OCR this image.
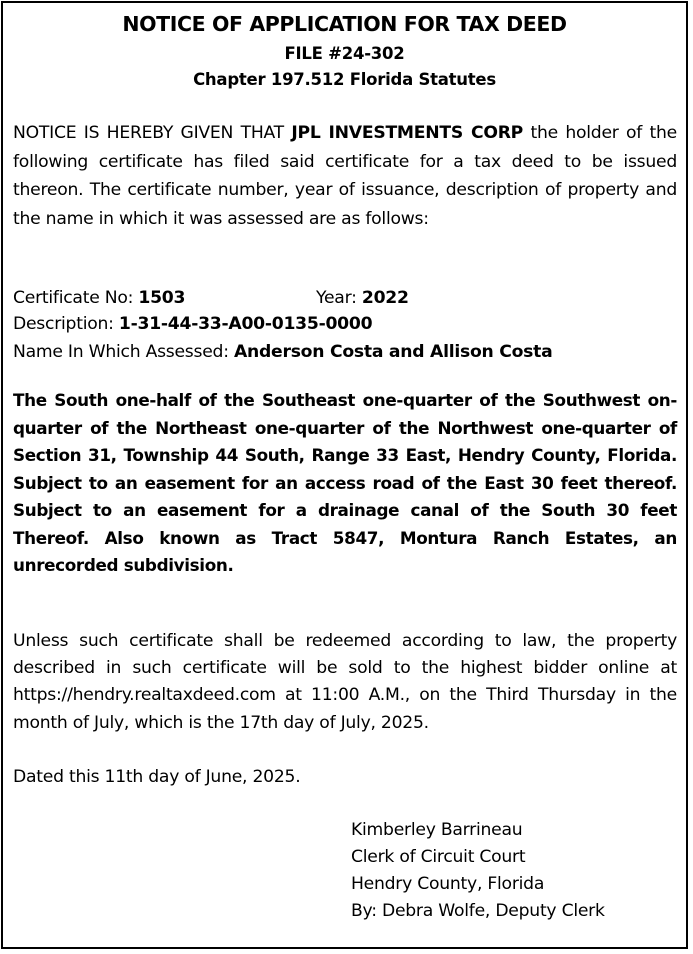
NOTICE OF APPLICATION FOR TAX DEED
FILE #24-302
Chapter 197.512 Florida Statutes
NOTICE IS HEREBY GIVEN THAT JPL INVESTMENTS CORP the holder of the following certificate has filed said certificate for a tax deed to be issued thereon. The certificate number, year of issuance, description of property and the name in which it was assessed are as follows:
Certificate No: 1503	Year: 2022
Description: 1-31-44-33-A00-0135-0000
Name In Which Assessed: Anderson Costa and Allison Costa
The South one-half of the Southeast one-quarter of the Southwest on-quarter of the Northeast one-quarter of the Northwest one-quarter of Section 31, Township 44 South, Range 33 East, Hendry County, Florida. Subject to an easement for an access road of the East 30 feet thereof. Subject to an easement for a drainage canal of the South 30 feet Thereof. Also known as Tract 5847, Montura Ranch Estates, an unrecorded subdivision.
Unless such certificate shall be redeemed according to law, the property described in such certificate will be sold to the highest bidder online at https://hendry.realtaxdeed.com at 11:00 A.M., on the Third Thursday in the month of July, which is the 17th day of July, 2025.
Dated this 11th day of June, 2025.
Kimberley Barrineau
Clerk of Circuit Court
Hendry County, Florida
By: Debra Wolfe, Deputy Clerk
